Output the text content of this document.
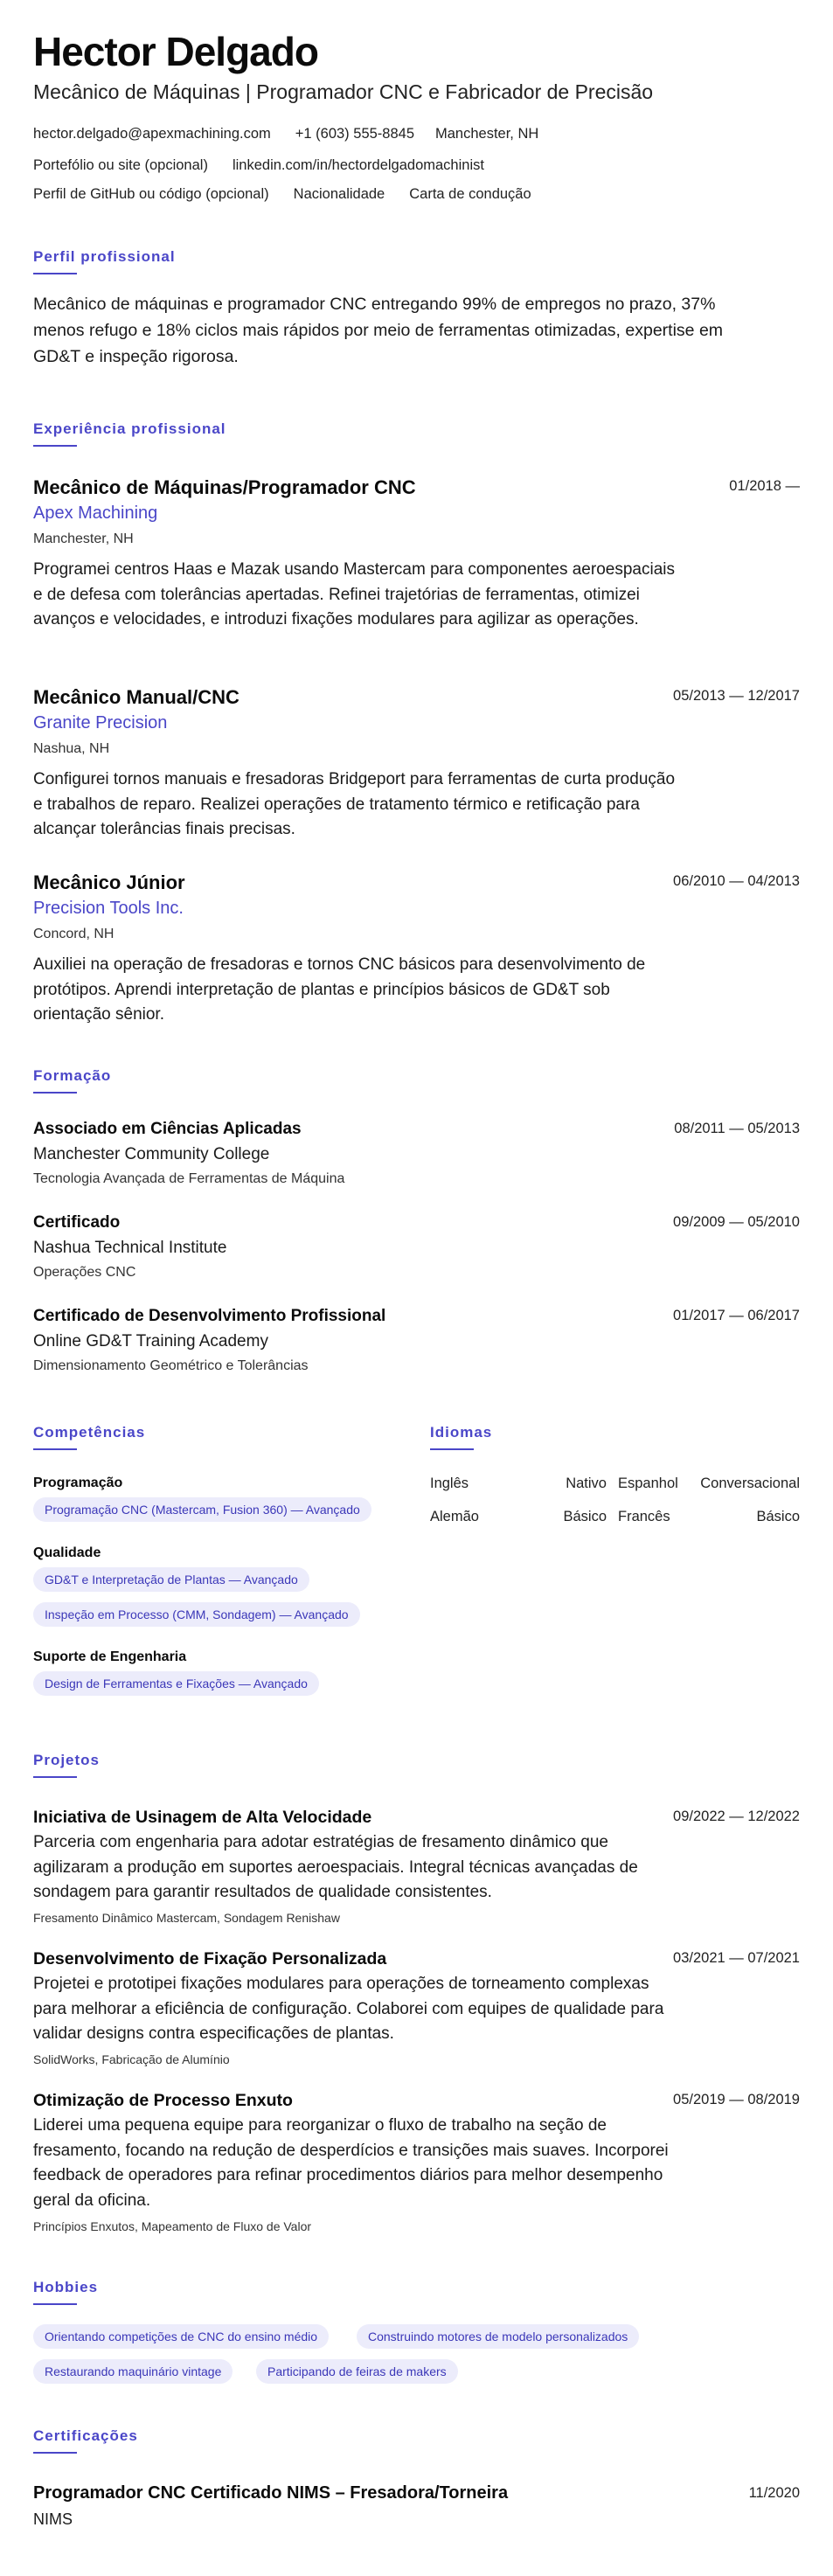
Hector Delgado
Mecânico de Máquinas | Programador CNC e Fabricador de Precisão
hector.delgado@apexmachining.com +1 (603) 555-8845 Manchester, NH
Portefólio ou site (opcional) linkedin.com/in/hectordelgadomachinist
Perfil de GitHub ou código (opcional) Nacionalidade Carta de condução
Perfil profissional
Mecânico de máquinas e programador CNC entregando 99% de empregos no prazo, 37% menos refugo e 18% ciclos mais rápidos por meio de ferramentas otimizadas, expertise em GD&T e inspeção rigorosa.
Experiência profissional
Mecânico de Máquinas/Programador CNC	01/2018 —
Apex Machining
Manchester, NH
Programei centros Haas e Mazak usando Mastercam para componentes aeroespaciais e de defesa com tolerâncias apertadas. Refinei trajetórias de ferramentas, otimizei avanços e velocidades, e introduzi fixações modulares para agilizar as operações.
Mecânico Manual/CNC	05/2013 — 12/2017
Granite Precision
Nashua, NH
Configurei tornos manuais e fresadoras Bridgeport para ferramentas de curta produção e trabalhos de reparo. Realizei operações de tratamento térmico e retificação para alcançar tolerâncias finais precisas.
Mecânico Júnior	06/2010 — 04/2013
Precision Tools Inc.
Concord, NH
Auxiliei na operação de fresadoras e tornos CNC básicos para desenvolvimento de protótipos. Aprendi interpretação de plantas e princípios básicos de GD&T sob orientação sênior.
Formação
Associado em Ciências Aplicadas	08/2011 — 05/2013
Manchester Community College
Tecnologia Avançada de Ferramentas de Máquina
Certificado	09/2009 — 05/2010
Nashua Technical Institute
Operações CNC
Certificado de Desenvolvimento Profissional	01/2017 — 06/2017
Online GD&T Training Academy
Dimensionamento Geométrico e Tolerâncias
Competências
Programação
Programação CNC (Mastercam, Fusion 360) — Avançado
Qualidade
GD&T e Interpretação de Plantas — Avançado
Inspeção em Processo (CMM, Sondagem) — Avançado
Suporte de Engenharia
Design de Ferramentas e Fixações — Avançado
Idiomas
Inglês	Nativo Espanhol Conversacional
Alemão	Básico Francês	Básico
Projetos
Iniciativa de Usinagem de Alta Velocidade	09/2022 — 12/2022
Parceria com engenharia para adotar estratégias de fresamento dinâmico que agilizaram a produção em suportes aeroespaciais. Integral técnicas avançadas de sondagem para garantir resultados de qualidade consistentes.
Fresamento Dinâmico Mastercam, Sondagem Renishaw
Desenvolvimento de Fixação Personalizada	03/2021 — 07/2021
Projetei e prototipei fixações modulares para operações de torneamento complexas para melhorar a eficiência de configuração. Colaborei com equipes de qualidade para validar designs contra especificações de plantas.
SolidWorks, Fabricação de Alumínio
Otimização de Processo Enxuto	05/2019 — 08/2019
Liderei uma pequena equipe para reorganizar o fluxo de trabalho na seção de fresamento, focando na redução de desperdícios e transições mais suaves. Incorporei feedback de operadores para refinar procedimentos diários para melhor desempenho geral da oficina.
Princípios Enxutos, Mapeamento de Fluxo de Valor
Hobbies
Orientando competições de CNC do ensino médio	Construindo motores de modelo personalizados
Restaurando maquinário vintage	Participando de feiras de makers
Certificações
Programador CNC Certificado NIMS – Fresadora/Torneira	11/2020
NIMS
